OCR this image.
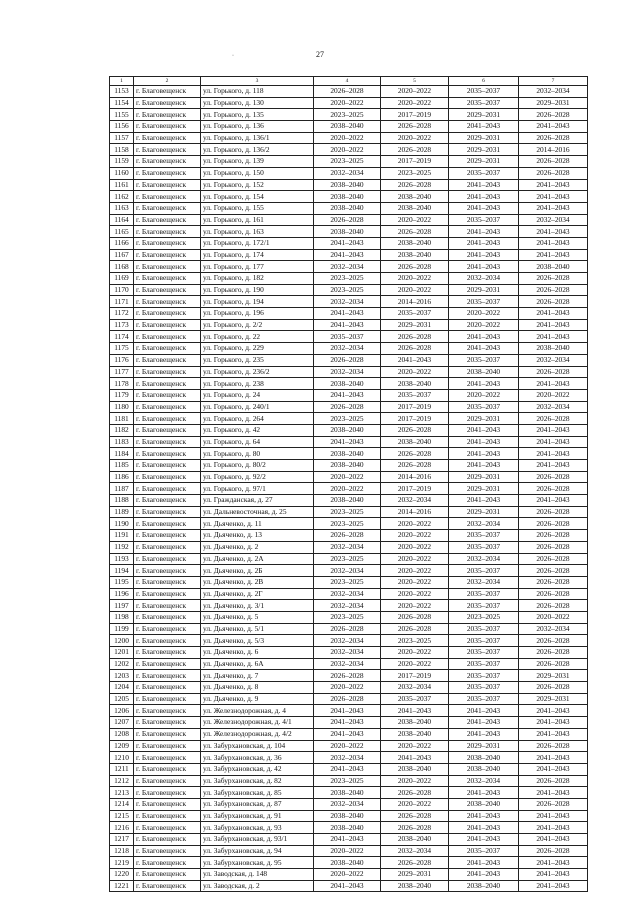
27
·
1	2	3	4	5	6	7
1153	г. Благовещенск	ул. Горького, д. 118	2026–2028	2020–2022	2035–2037	2032–2034
1154	г. Благовещенск	ул. Горького, д. 130	2020–2022	2020–2022	2035–2037	2029–2031
1155	г. Благовещенск	ул. Горького, д. 135	2023–2025	2017–2019	2029–2031	2026–2028
1156	г. Благовещенск	ул. Горького, д. 136	2038–2040	2026–2028	2041–2043	2041–2043
1157	г. Благовещенск	ул. Горького, д. 136/1	2020–2022	2020–2022	2029–2031	2026–2028
1158	г. Благовещенск	ул. Горького, д. 136/2	2020–2022	2026–2028	2029–2031	2014–2016
1159	г. Благовещенск	ул. Горького, д. 139	2023–2025	2017–2019	2029–2031	2026–2028
1160	г. Благовещенск	ул. Горького, д. 150	2032–2034	2023–2025	2035–2037	2026–2028
1161	г. Благовещенск	ул. Горького, д. 152	2038–2040	2026–2028	2041–2043	2041–2043
1162	г. Благовещенск	ул. Горького, д. 154	2038–2040	2038–2040	2041–2043	2041–2043
1163	г. Благовещенск	ул. Горького, д. 155	2038–2040	2038–2040	2041–2043	2041–2043
1164	г. Благовещенск	ул. Горького, д. 161	2026–2028	2020–2022	2035–2037	2032–2034
1165	г. Благовещенск	ул. Горького, д. 163	2038–2040	2026–2028	2041–2043	2041–2043
1166	г. Благовещенск	ул. Горького, д. 172/1	2041–2043	2038–2040	2041–2043	2041–2043
1167	г. Благовещенск	ул. Горького, д. 174	2041–2043	2038–2040	2041–2043	2041–2043
1168	г. Благовещенск	ул. Горького, д. 177	2032–2034	2026–2028	2041–2043	2038–2040
1169	г. Благовещенск	ул. Горького, д. 182	2023–2025	2020–2022	2032–2034	2026–2028
1170	г. Благовещенск	ул. Горького, д. 190	2023–2025	2020–2022	2029–2031	2026–2028
1171	г. Благовещенск	ул. Горького, д. 194	2032–2034	2014–2016	2035–2037	2026–2028
1172	г. Благовещенск	ул. Горького, д. 196	2041–2043	2035–2037	2020–2022	2041–2043
1173	г. Благовещенск	ул. Горького, д. 2/2	2041–2043	2029–2031	2020–2022	2041–2043
1174	г. Благовещенск	ул. Горького, д. 22	2035–2037	2026–2028	2041–2043	2041–2043
1175	г. Благовещенск	ул. Горького, д. 229	2032–2034	2026–2028	2041–2043	2038–2040
1176	г. Благовещенск	ул. Горького, д. 235	2026–2028	2041–2043	2035–2037	2032–2034
1177	г. Благовещенск	ул. Горького, д. 236/2	2032–2034	2020–2022	2038–2040	2026–2028
1178	г. Благовещенск	ул. Горького, д. 238	2038–2040	2038–2040	2041–2043	2041–2043
1179	г. Благовещенск	ул. Горького, д. 24	2041–2043	2035–2037	2020–2022	2020–2022
1180	г. Благовещенск	ул. Горького, д. 240/1	2026–2028	2017–2019	2035–2037	2032–2034
1181	г. Благовещенск	ул. Горького, д. 264	2023–2025	2017–2019	2029–2031	2026–2028
1182	г. Благовещенск	ул. Горького, д. 42	2038–2040	2026–2028	2041–2043	2041–2043
1183	г. Благовещенск	ул. Горького, д. 64	2041–2043	2038–2040	2041–2043	2041–2043
1184	г. Благовещенск	ул. Горького, д. 80	2038–2040	2026–2028	2041–2043	2041–2043
1185	г. Благовещенск	ул. Горького, д. 80/2	2038–2040	2026–2028	2041–2043	2041–2043
1186	г. Благовещенск	ул. Горького, д. 92/2	2020–2022	2014–2016	2029–2031	2026–2028
1187	г. Благовещенск	ул. Горького, д. 97/1	2020–2022	2017–2019	2029–2031	2026–2028
1188	г. Благовещенск	ул. Гражданская, д. 27	2038–2040	2032–2034	2041–2043	2041–2043
1189	г. Благовещенск	ул. Дальневосточная, д. 25	2023–2025	2014–2016	2029–2031	2026–2028
1190	г. Благовещенск	ул. Дьяченко, д. 11	2023–2025	2020–2022	2032–2034	2026–2028
1191	г. Благовещенск	ул. Дьяченко, д. 13	2026–2028	2020–2022	2035–2037	2026–2028
1192	г. Благовещенск	ул. Дьяченко, д. 2	2032–2034	2020–2022	2035–2037	2026–2028
1193	г. Благовещенск	ул. Дьяченко, д. 2А	2023–2025	2020–2022	2032–2034	2026–2028
1194	г. Благовещенск	ул. Дьяченко, д. 2Б	2032–2034	2020–2022	2035–2037	2026–2028
1195	г. Благовещенск	ул. Дьяченко, д. 2В	2023–2025	2020–2022	2032–2034	2026–2028
1196	г. Благовещенск	ул. Дьяченко, д. 2Г	2032–2034	2020–2022	2035–2037	2026–2028
1197	г. Благовещенск	ул. Дьяченко, д. 3/1	2032–2034	2020–2022	2035–2037	2026–2028
1198	г. Благовещенск	ул. Дьяченко, д. 5	2023–2025	2026–2028	2023–2025	2020–2022
1199	г. Благовещенск	ул. Дьяченко, д. 5/1	2026–2028	2026–2028	2035–2037	2032–2034
1200	г. Благовещенск	ул. Дьяченко, д. 5/3	2032–2034	2023–2025	2035–2037	2026–2028
1201	г. Благовещенск	ул. Дьяченко, д. 6	2032–2034	2020–2022	2035–2037	2026–2028
1202	г. Благовещенск	ул. Дьяченко, д. 6А	2032–2034	2020–2022	2035–2037	2026–2028
1203	г. Благовещенск	ул. Дьяченко, д. 7	2026–2028	2017–2019	2035–2037	2029–2031
1204	г. Благовещенск	ул. Дьяченко, д. 8	2020–2022	2032–2034	2035–2037	2026–2028
1205	г. Благовещенск	ул. Дьяченко, д. 9	2026–2028	2035–2037	2035–2037	2029–2031
1206	г. Благовещенск	ул. Железнодорожная, д. 4	2041–2043	2041–2043	2041–2043	2041–2043
1207	г. Благовещенск	ул. Железнодорожная, д. 4/1	2041–2043	2038–2040	2041–2043	2041–2043
1208	г. Благовещенск	ул. Железнодорожная, д. 4/2	2041–2043	2038–2040	2041–2043	2041–2043
1209	г. Благовещенск	ул. Забурхановская, д. 104	2020–2022	2020–2022	2029–2031	2026–2028
1210	г. Благовещенск	ул. Забурхановская, д. 36	2032–2034	2041–2043	2038–2040	2041–2043
1211	г. Благовещенск	ул. Забурхановская, д. 42	2041–2043	2038–2040	2038–2040	2041–2043
1212	г. Благовещенск	ул. Забурхановская, д. 82	2023–2025	2020–2022	2032–2034	2026–2028
1213	г. Благовещенск	ул. Забурхановская, д. 85	2038–2040	2026–2028	2041–2043	2041–2043
1214	г. Благовещенск	ул. Забурхановская, д. 87	2032–2034	2020–2022	2038–2040	2026–2028
1215	г. Благовещенск	ул. Забурхановская, д. 91	2038–2040	2026–2028	2041–2043	2041–2043
1216	г. Благовещенск	ул. Забурхановская, д. 93	2038–2040	2026–2028	2041–2043	2041–2043
1217	г. Благовещенск	ул. Забурхановская, д. 93/1	2041–2043	2038–2040	2041–2043	2041–2043
1218	г. Благовещенск	ул. Забурхановская, д. 94	2020–2022	2032–2034	2035–2037	2026–2028
1219	г. Благовещенск	ул. Забурхановская, д. 95	2038–2040	2026–2028	2041–2043	2041–2043
1220	г. Благовещенск	ул. Заводская, д. 148	2020–2022	2029–2031	2041–2043	2041–2043
1221	г. Благовещенск	ул. Заводская, д. 2	2041–2043	2038–2040	2038–2040	2041–2043
